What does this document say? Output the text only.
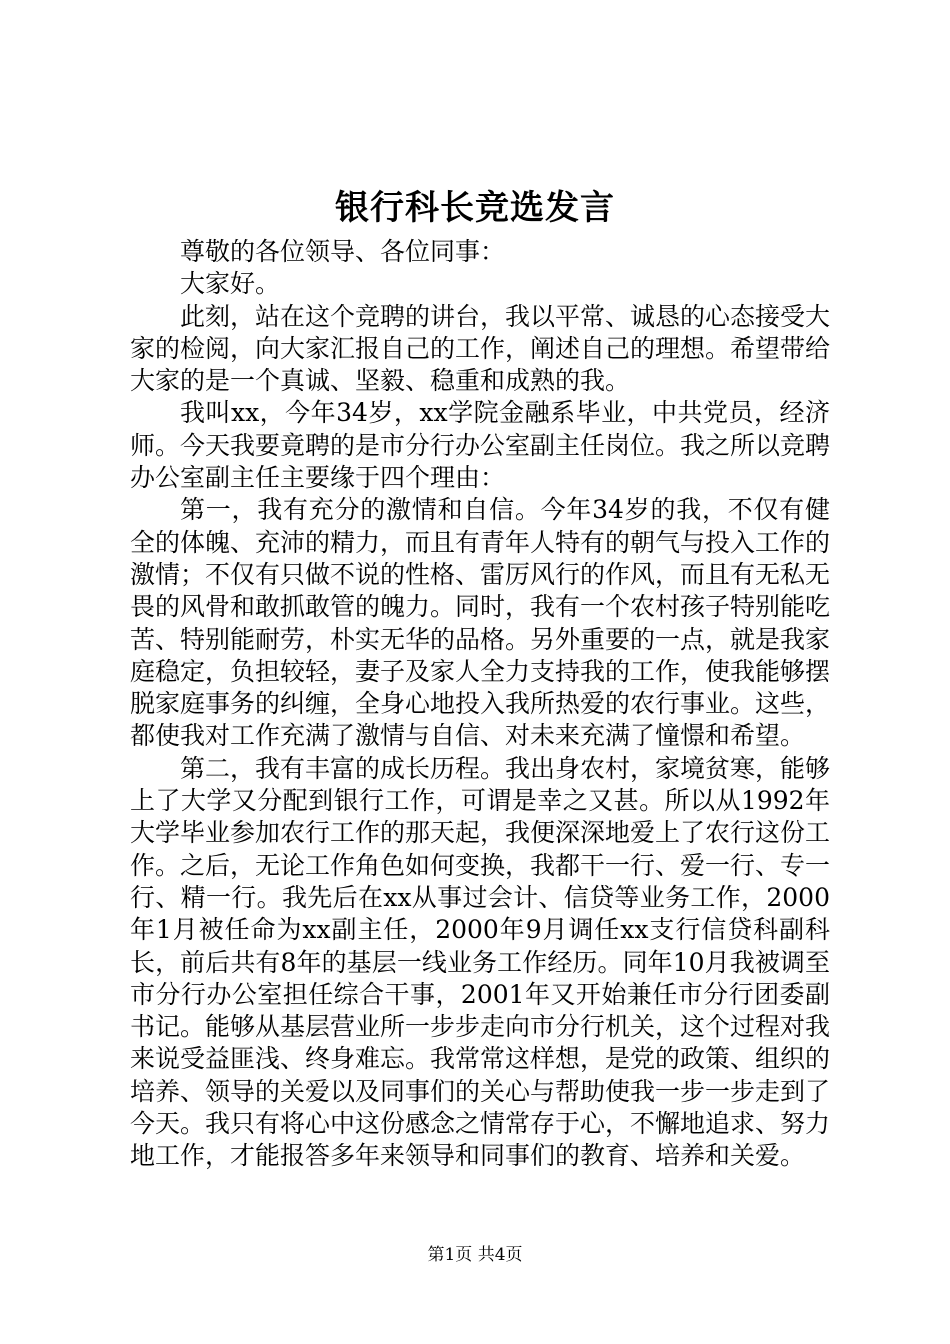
银行科长竞选发言

尊敬的各位领导、各位同事：

大家好。

此刻，站在这个竞聘的讲台，我以平常、诚恳的心态接受大家的检阅，向大家汇报自己的工作，阐述自己的理想。希望带给大家的是一个真诚、坚毅、稳重和成熟的我。

我叫xx，今年34岁，xx学院金融系毕业，中共党员，经济师。今天我要竟聘的是市分行办公室副主任岗位。我之所以竞聘办公室副主任主要缘于四个理由：

第一，我有充分的激情和自信。今年34岁的我，不仅有健全的体魄、充沛的精力，而且有青年人特有的朝气与投入工作的激情；不仅有只做不说的性格、雷厉风行的作风，而且有无私无畏的风骨和敢抓敢管的魄力。同时，我有一个农村孩子特别能吃苦、特别能耐劳，朴实无华的品格。另外重要的一点，就是我家庭稳定，负担较轻，妻子及家人全力支持我的工作，使我能够摆脱家庭事务的纠缠，全身心地投入我所热爱的农行事业。这些，都使我对工作充满了激情与自信、对未来充满了憧憬和希望。

第二，我有丰富的成长历程。我出身农村，家境贫寒，能够上了大学又分配到银行工作，可谓是幸之又甚。所以从1992年大学毕业参加农行工作的那天起，我便深深地爱上了农行这份工作。之后，无论工作角色如何变换，我都干一行、爱一行、专一行、精一行。我先后在xx从事过会计、信贷等业务工作，2000年1月被任命为xx副主任，2000年9月调任xx支行信贷科副科长，前后共有8年的基层一线业务工作经历。同年10月我被调至市分行办公室担任综合干事，2001年又开始兼任市分行团委副书记。能够从基层营业所一步步走向市分行机关，这个过程对我来说受益匪浅、终身难忘。我常常这样想，是党的政策、组织的培养、领导的关爱以及同事们的关心与帮助使我一步一步走到了今天。我只有将心中这份感念之情常存于心，不懈地追求、努力地工作，才能报答多年来领导和同事们的教育、培养和关爱。

第1页 共4页
